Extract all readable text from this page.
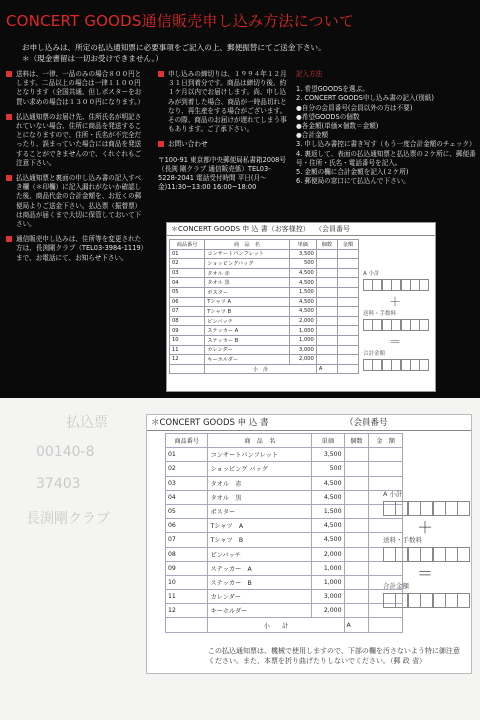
CONCERT GOODS通信販売申し込み方法について
お申し込みは、所定の払込通知票に必要事項をご記入の上、郵便振替にてご送金下さい。
＊（現金書留は一切お受けできません。）

送料は、一律、一品のみの場合８００円とします。二品以上の場合は一律１１００円となります（全国共通、但しポスターをお買い求めの場合は１３００円になります。）

払込通知票のお届け先、住所氏名が明記されていない場合、住所に商品を発送することになりますので、住所・氏名が不完全だったり、誤まっていた場合には商品を発送することができませんので、くれぐれもご注意下さい。

払込通知票と裏面の申し込み書の記入すべき欄（＊印欄）に記入漏れがないか確認した後、商品代金の合計金額を、お近くの郵便局よりご送金下さい。払込票（振替票）は商品が届くまで大切に保管しておいて下さい。

通信販売申し込みは、住所等を変更された方は、長渕剛クラブ（TEL03-3984-1119）まで、お電話にて、お知らせ下さい。

申し込みの締切りは、１９９４年１２月３１日到着分です。商品は締切り後、約１ケ月以内でお届けします。尚、申し込みが到着した場合、商品が一時品切れとなり、再生産をする場合がございます。その際、商品のお届けが遅れてしまう事もあります。ご了承下さい。

お問い合わせ

〒100-91 東京都中央郵便局私書箱2008号（長渕 剛クラブ 通信販売係）TEL03-5228-2041 電話受付時間 平日(月～金)11:30~13:00 16:00~18:00

記入方法

1. 希望GOODSを選ぶ。
2. CONCERT GOODS申し込み書の記入(別紙)
●自分の会員番号(会員以外の方は不要)
●希望GOODSの個数
●各金額(単価×個数＝金額)
●合計金額
3. 申し込み書控に書き写す（もう一度合計金額のチェック）
4. 裏返して、表面の払込通知票と払込票の２ケ所に、郵便番号・住所・氏名・電話番号を記入。
5. 金額の欄に合計金額を記入(２ケ所)
6. 郵便局の窓口にて払込んで下さい。
＊CONCERT GOODS 申 込 書（お客様控） （会員番号
商品番号	商　品　名	単価	個数	金額
01	コンサートパンフレット	3,500		
02	ショッピングバッグ	500		
03	タオル 赤	4,500		
04	タオル 黒	4,500		
05	ポスター	1,500		
06	Tシャツ A	4,500		
07	Tシャツ B	4,500		
08	ピンバッチ	2,000		
09	ステッカー A	1,000		
10	ステッカー B	1,000		
11	カレンダー	3,000		
12	キーホルダー	2,000		
	小　計		A	
A 小計
＋
送料・手数料
＝
合計金額
払込票
00140-8
37403
長渕剛クラブ
＊CONCERT GOODS 申 込 書	（会員番号
商品番号	商　品　名	単価	個数	金　額
01	コンサートパンフレット	3,500		
02	ショッピング バッグ	500		
03	タオル　赤	4,500		
04	タオル　黒	4,500		
05	ポスター	1,500		
06	Tシャツ　A	4,500		
07	Tシャツ　B	4,500		
08	ピンバッチ	2,000		
09	ステッカー　A	1,000		
10	ステッカー　B	1,000		
11	カレンダー	3,000		
12	キーホルダー	2,000		
	小　　計		A	
A 小計
＋
送料・手数料
＝
合計金額
この払込通知票は、機械で使用しますので、下部の欄を汚さないよう特に御注意ください。また、本票を折り曲げたりしないでください。（郵 政 省）
